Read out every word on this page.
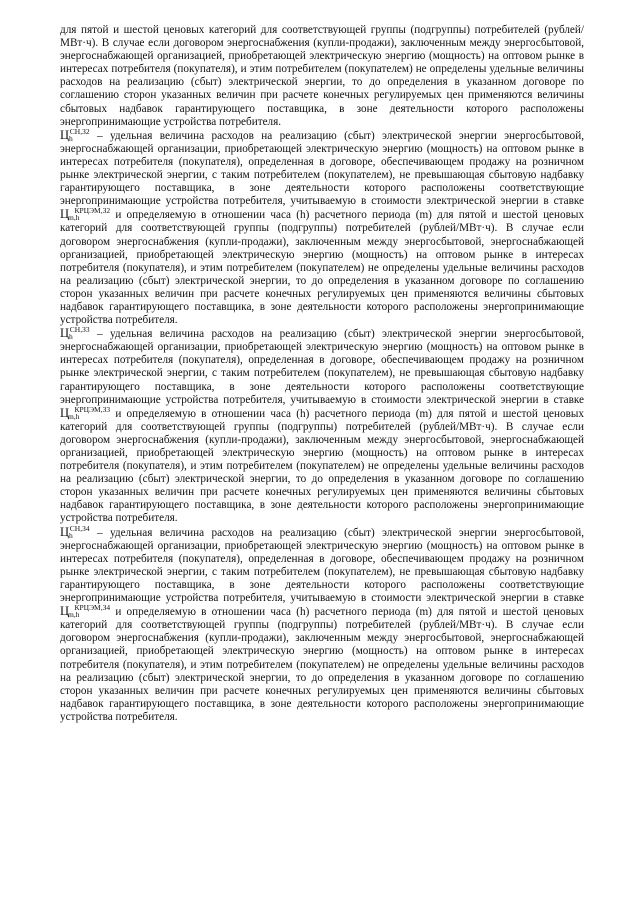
для пятой и шестой ценовых категорий для соответствующей группы (подгруппы) потребителей (рублей/МВт·ч). В случае если договором энергоснабжения (купли-продажи), заключенным между энергосбытовой, энергоснабжающей организацией, приобретающей электрическую энергию (мощность) на оптовом рынке в интересах потребителя (покупателя), и этим потребителем (покупателем) не определены удельные величины расходов на реализацию (сбыт) электрической энергии, то до определения в указанном договоре по соглашению сторон указанных величин при расчете конечных регулируемых цен применяются величины сбытовых надбавок гарантирующего поставщика, в зоне деятельности которого расположены энергопринимающие устройства потребителя.

$Цh^{СН,З2}$ – удельная величина расходов на реализацию (сбыт) электрической энергии энергосбытовой, энергоснабжающей организации, приобретающей электрическую энергию (мощность) на оптовом рынке в интересах потребителя (покупателя), определенная в договоре, обеспечивающем продажу на розничном рынке электрической энергии, с таким потребителем (покупателем), не превышающая сбытовую надбавку гарантирующего поставщика, в зоне деятельности которого расположены соответствующие энергопринимающие устройства потребителя, учитываемую в стоимости электрической энергии в ставке $Цm,h^{КРЦЭМ,З2}$ и определяемую в отношении часа (h) расчетного периода (m) для пятой и шестой ценовых категорий для соответствующей группы (подгруппы) потребителей (рублей/МВт·ч). В случае если договором энергоснабжения (купли-продажи), заключенным между энергосбытовой, энергоснабжающей организацией, приобретающей электрическую энергию (мощность) на оптовом рынке в интересах потребителя (покупателя), и этим потребителем (покупателем) не определены удельные величины расходов на реализацию (сбыт) электрической энергии, то до определения в указанном договоре по соглашению сторон указанных величин при расчете конечных регулируемых цен применяются величины сбытовых надбавок гарантирующего поставщика, в зоне деятельности которого расположены энергопринимающие устройства потребителя.

$Цh^{СН,З3}$ – удельная величина расходов на реализацию (сбыт) электрической энергии энергосбытовой, энергоснабжающей организации, приобретающей электрическую энергию (мощность) на оптовом рынке в интересах потребителя (покупателя), определенная в договоре, обеспечивающем продажу на розничном рынке электрической энергии, с таким потребителем (покупателем), не превышающая сбытовую надбавку гарантирующего поставщика, в зоне деятельности которого расположены соответствующие энергопринимающие устройства потребителя, учитываемую в стоимости электрической энергии в ставке $Цm,h^{КРЦЭМ,З3}$ и определяемую в отношении часа (h) расчетного периода (m) для пятой и шестой ценовых категорий для соответствующей группы (подгруппы) потребителей (рублей/МВт·ч). В случае если договором энергоснабжения (купли-продажи), заключенным между энергосбытовой, энергоснабжающей организацией, приобретающей электрическую энергию (мощность) на оптовом рынке в интересах потребителя (покупателя), и этим потребителем (покупателем) не определены удельные величины расходов на реализацию (сбыт) электрической энергии, то до определения в указанном договоре по соглашению сторон указанных величин при расчете конечных регулируемых цен применяются величины сбытовых надбавок гарантирующего поставщика, в зоне деятельности которого расположены энергопринимающие устройства потребителя.

$Цh^{СН,З4}$ – удельная величина расходов на реализацию (сбыт) электрической энергии энергосбытовой, энергоснабжающей организации, приобретающей электрическую энергию (мощность) на оптовом рынке в интересах потребителя (покупателя), определенная в договоре, обеспечивающем продажу на розничном рынке электрической энергии, с таким потребителем (покупателем), не превышающая сбытовую надбавку гарантирующего поставщика, в зоне деятельности которого расположены соответствующие энергопринимающие устройства потребителя, учитываемую в стоимости электрической энергии в ставке $Цm,h^{КРЦЭМ,З4}$ и определяемую в отношении часа (h) расчетного периода (m) для пятой и шестой ценовых категорий для соответствующей группы (подгруппы) потребителей (рублей/МВт·ч). В случае если договором энергоснабжения (купли-продажи), заключенным между энергосбытовой, энергоснабжающей организацией, приобретающей электрическую энергию (мощность) на оптовом рынке в интересах потребителя (покупателя), и этим потребителем (покупателем) не определены удельные величины расходов на реализацию (сбыт) электрической энергии, то до определения в указанном договоре по соглашению сторон указанных величин при расчете конечных регулируемых цен применяются величины сбытовых надбавок гарантирующего поставщика, в зоне деятельности которого расположены энергопринимающие устройства потребителя.
